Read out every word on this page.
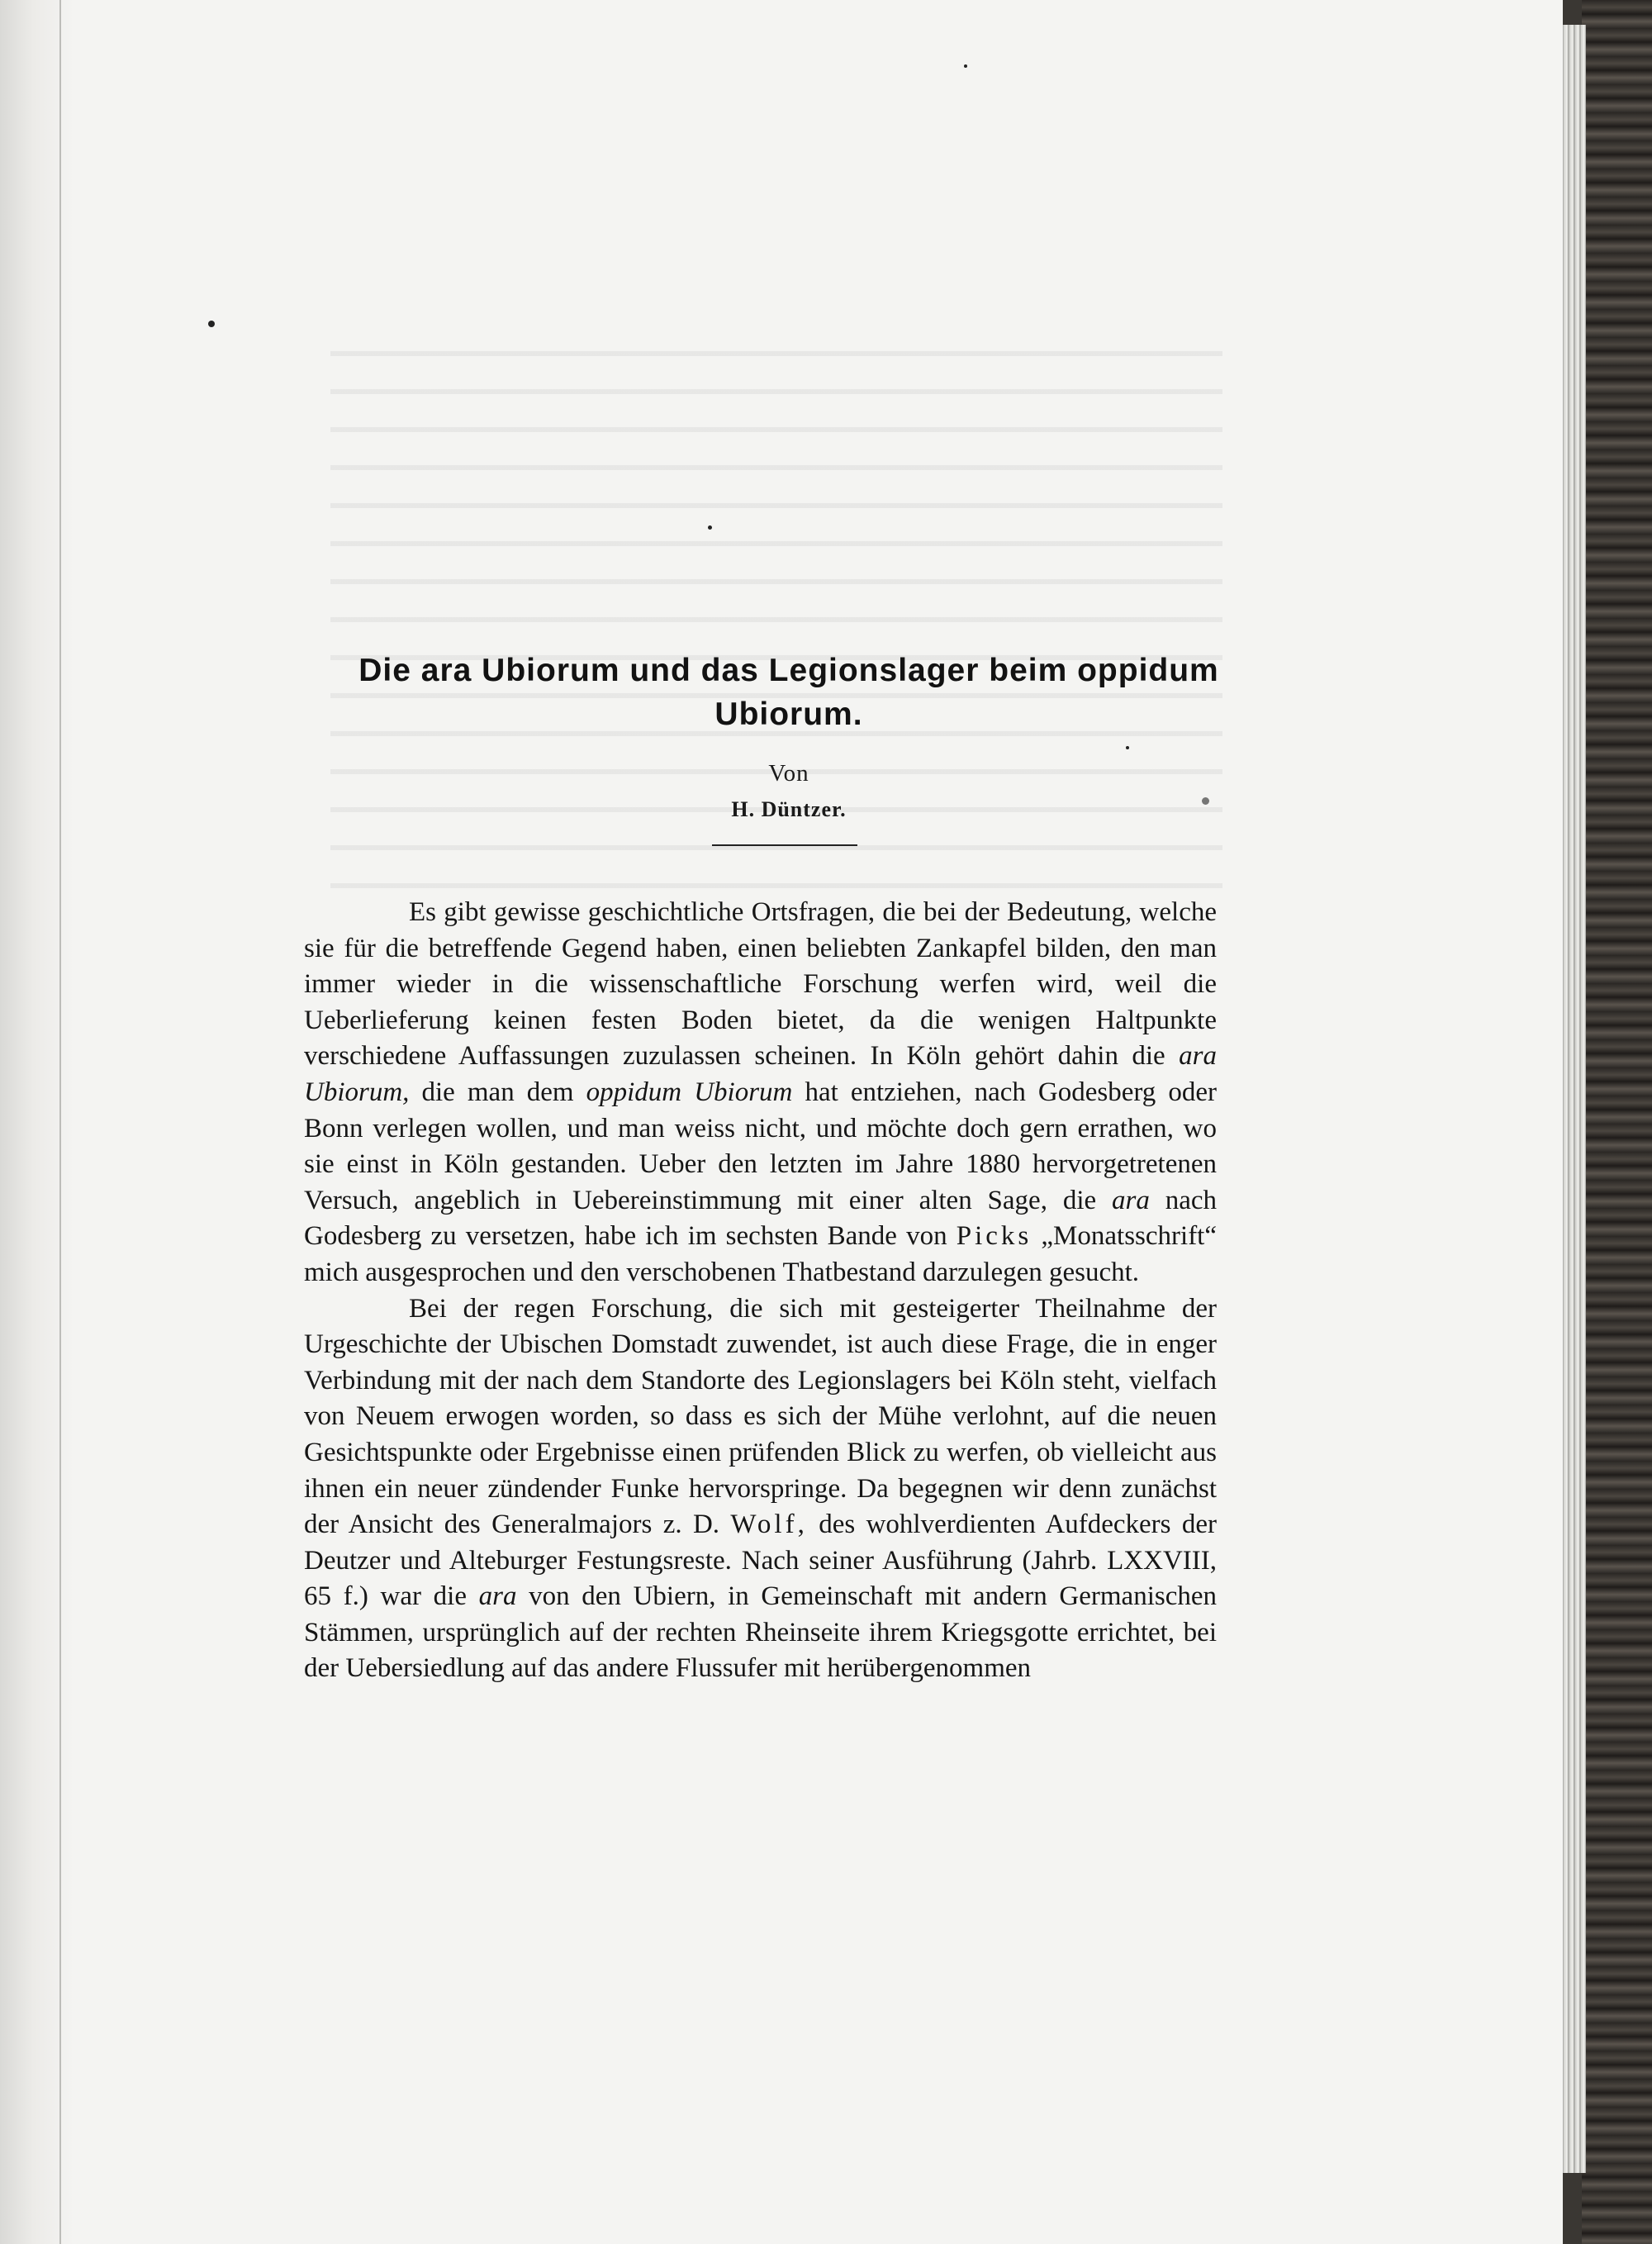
Die ara Ubiorum und das Legionslager beim oppidum Ubiorum.
Von
H. Düntzer.

Es gibt gewisse geschichtliche Ortsfragen, die bei der Bedeutung, welche sie für die betreffende Gegend haben, einen beliebten Zankapfel bilden, den man immer wieder in die wissenschaftliche Forschung werfen wird, weil die Ueberlieferung keinen festen Boden bietet, da die wenigen Haltpunkte verschiedene Auffassungen zuzulassen scheinen. In Köln gehört dahin die ara Ubiorum, die man dem oppidum Ubiorum hat entziehen, nach Godesberg oder Bonn verlegen wollen, und man weiss nicht, und möchte doch gern errathen, wo sie einst in Köln gestanden. Ueber den letzten im Jahre 1880 hervorgetretenen Versuch, angeblich in Uebereinstimmung mit einer alten Sage, die ara nach Godesberg zu versetzen, habe ich im sechsten Bande von Picks „Monatsschrift“ mich ausgesprochen und den verschobenen Thatbestand darzulegen gesucht.

Bei der regen Forschung, die sich mit gesteigerter Theilnahme der Urgeschichte der Ubischen Domstadt zuwendet, ist auch diese Frage, die in enger Verbindung mit der nach dem Standorte des Legionslagers bei Köln steht, vielfach von Neuem erwogen worden, so dass es sich der Mühe verlohnt, auf die neuen Gesichtspunkte oder Ergebnisse einen prüfenden Blick zu werfen, ob vielleicht aus ihnen ein neuer zündender Funke hervorspringe. Da begegnen wir denn zunächst der Ansicht des Generalmajors z. D. Wolf, des wohlverdienten Aufdeckers der Deutzer und Alteburger Festungsreste. Nach seiner Ausführung (Jahrb. LXXVIII, 65 f.) war die ara von den Ubiern, in Gemeinschaft mit andern Germanischen Stämmen, ursprünglich auf der rechten Rheinseite ihrem Kriegsgotte errichtet, bei der Uebersiedlung auf das andere Flussufer mit herübergenommen
